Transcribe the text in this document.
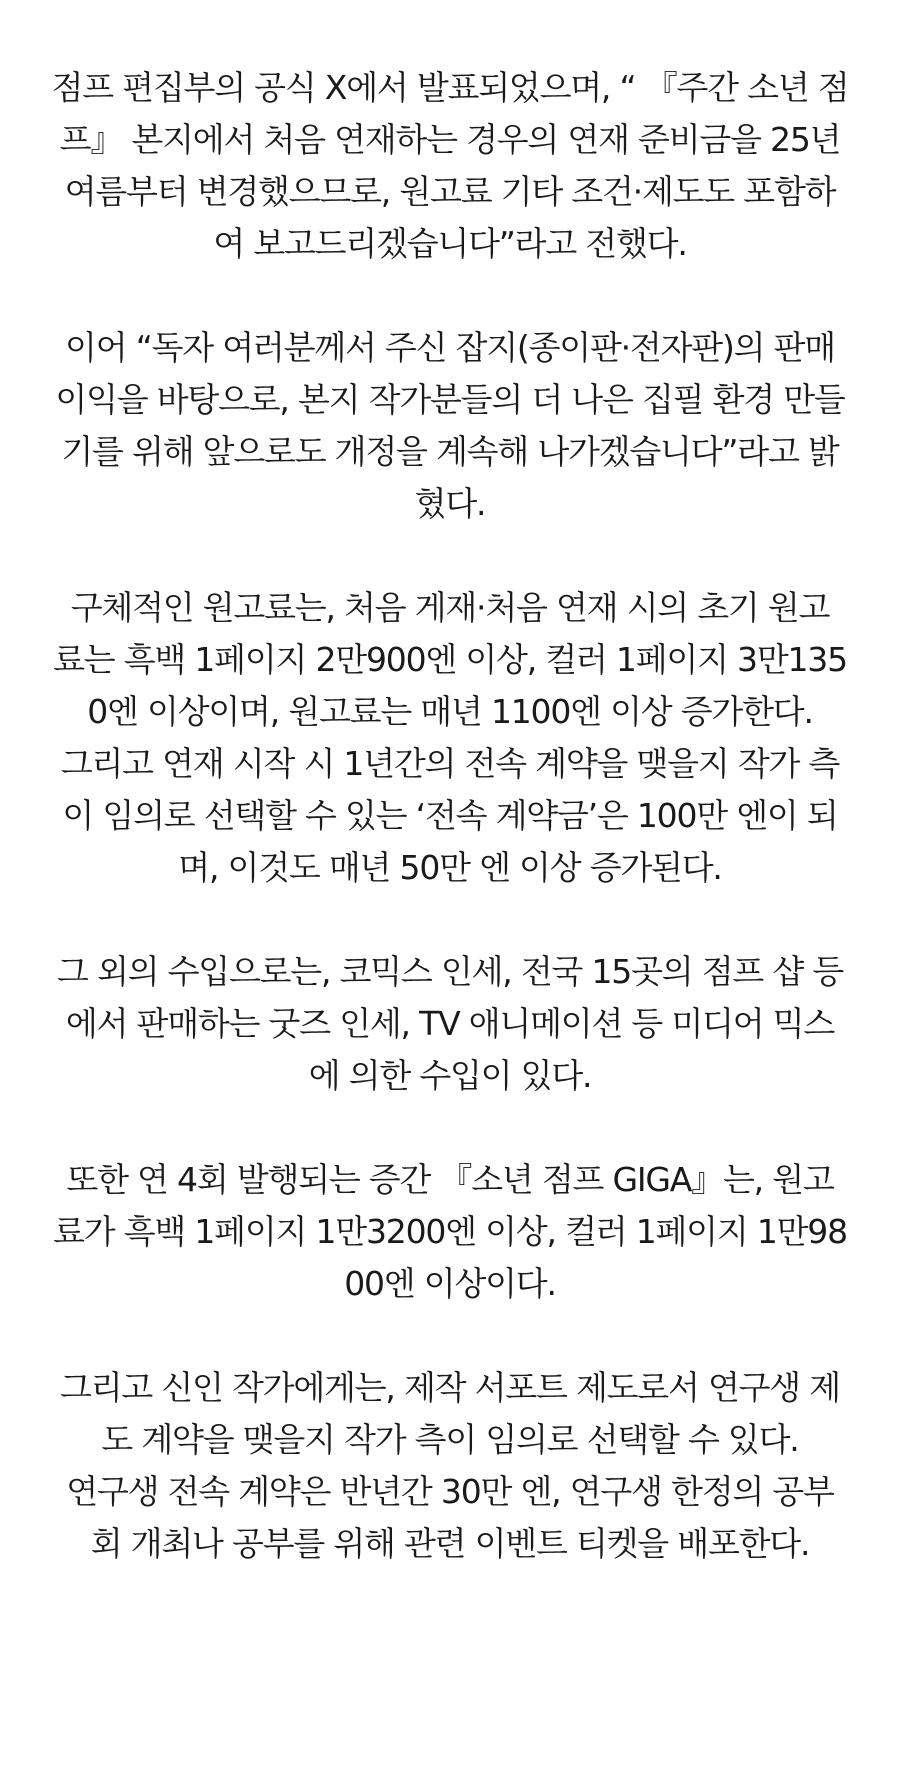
점프 편집부의 공식 X에서 발표되었으며, “ 『주간 소년 점
프』 본지에서 처음 연재하는 경우의 연재 준비금을 25년
여름부터 변경했으므로, 원고료 기타 조건·제도도 포함하
여 보고드리겠습니다”라고 전했다.
이어 “독자 여러분께서 주신 잡지(종이판·전자판)의 판매
이익을 바탕으로, 본지 작가분들의 더 나은 집필 환경 만들
기를 위해 앞으로도 개정을 계속해 나가겠습니다”라고 밝
혔다.
구체적인 원고료는, 처음 게재·처음 연재 시의 초기 원고
료는 흑백 1페이지 2만900엔 이상, 컬러 1페이지 3만135
0엔 이상이며, 원고료는 매년 1100엔 이상 증가한다.
그리고 연재 시작 시 1년간의 전속 계약을 맺을지 작가 측
이 임의로 선택할 수 있는 ‘전속 계약금’은 100만 엔이 되
며, 이것도 매년 50만 엔 이상 증가된다.
그 외의 수입으로는, 코믹스 인세, 전국 15곳의 점프 샵 등
에서 판매하는 굿즈 인세, TV 애니메이션 등 미디어 믹스
에 의한 수입이 있다.
또한 연 4회 발행되는 증간 『소년 점프 GIGA』는, 원고
료가 흑백 1페이지 1만3200엔 이상, 컬러 1페이지 1만98
00엔 이상이다.
그리고 신인 작가에게는, 제작 서포트 제도로서 연구생 제
도 계약을 맺을지 작가 측이 임의로 선택할 수 있다.
연구생 전속 계약은 반년간 30만 엔, 연구생 한정의 공부
회 개최나 공부를 위해 관련 이벤트 티켓을 배포한다.
